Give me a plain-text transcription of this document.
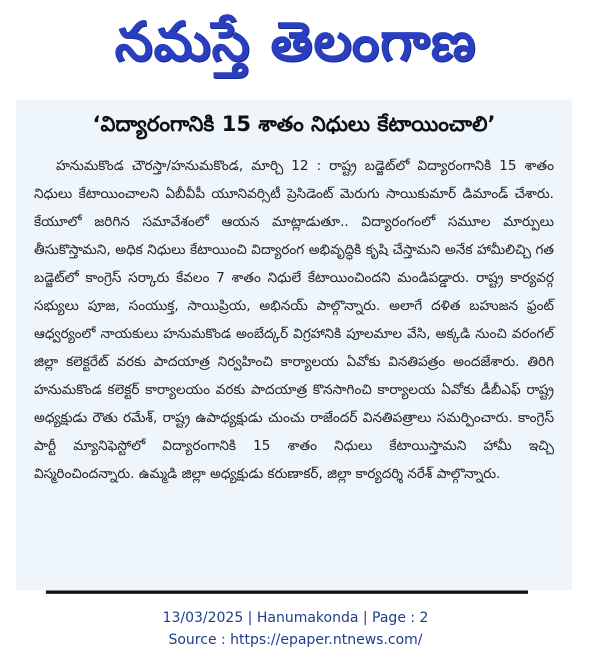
నమస్తే తెలంగాణ
‘విద్యారంగానికి 15 శాతం నిధులు కేటాయించాలి’

హనుమకొండ చౌరస్తా/హనుమకొండ, మార్చి 12 : రాష్ట్ర బడ్జెట్‌లో విద్యారంగానికి 15 శాతం నిధులు కేటాయించాలని ఏబీవీపీ యూనివర్సిటీ ప్రెసిడెంట్ మెరుగు సాయికుమార్ డిమాండ్ చేశారు. కేయూలో జరిగిన సమావేశంలో ఆయన మాట్లాడుతూ.. విద్యారంగంలో సమూల మార్పులు తీసుకొస్తామని, అధిక నిధులు కేటాయించి విద్యారంగ అభివృద్ధికి కృషి చేస్తామని అనేక హామీలిచ్చి గత బడ్జెట్‌లో కాంగ్రెస్ సర్కారు కేవలం 7 శాతం నిధులే కేటాయించిందని మండిపడ్డారు. రాష్ట్ర కార్యవర్గ సభ్యులు పూజ, సంయుక్త, సాయిప్రియ, అభినయ్ పాల్గొన్నారు. అలాగే దళిత బహుజన ఫ్రంట్ ఆధ్వర్యంలో నాయకులు హనుమకొండ అంబేద్కర్ విగ్రహానికి పూలమాల వేసి, అక్కడి నుంచి వరంగల్ జిల్లా కలెక్టరేట్ వరకు పాదయాత్ర నిర్వహించి కార్యాలయ ఏవోకు వినతిపత్రం అందజేశారు. తిరిగి హనుమకొండ కలెక్టర్ కార్యాలయం వరకు పాదయాత్ర కొనసాగించి కార్యాలయ ఏవోకు డీబీఎఫ్ రాష్ట్ర అధ్యక్షుడు రౌతు రమేశ్, రాష్ట్ర ఉపాధ్యక్షుడు చుంచు రాజేందర్ వినతిపత్రాలు సమర్పించారు. కాంగ్రెస్ పార్టీ మ్యానిఫెస్టోలో విద్యారంగానికి 15 శాతం నిధులు కేటాయిస్తామని హామీ ఇచ్చి విస్మరించిందన్నారు. ఉమ్మడి జిల్లా అధ్యక్షుడు కరుణాకర్, జిల్లా కార్యదర్శి నరేశ్ పాల్గొన్నారు.

━━━━━━━━━━━━━━━━━━━━━━━━━━━━━━━━━━━━━━━━
13/03/2025 | Hanumakonda | Page : 2
Source : https://epaper.ntnews.com/
